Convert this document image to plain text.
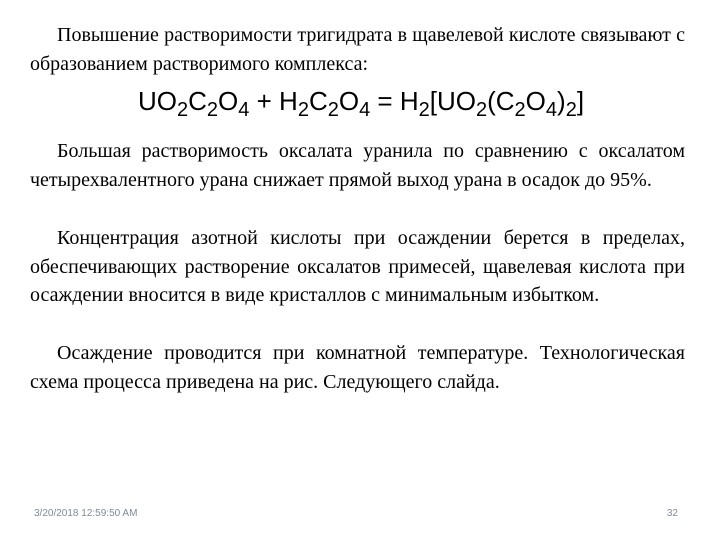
Повышение растворимости тригидрата в щавелевой кислоте связывают с образованием растворимого комплекса:

$UO_2C_2O_4 + H_2C_2O_4 = H_2[UO_2(C_2O_4)_2]$

Большая растворимость оксалата уранила по сравнению с оксалатом четырехвалентного урана снижает прямой выход урана в осадок до 95%.

Концентрация азотной кислоты при осаждении берется в пределах, обеспечивающих растворение оксалатов примесей, щавелевая кислота при осаждении вносится в виде кристаллов с минимальным избытком.

Осаждение проводится при комнатной температуре. Технологическая схема процесса приведена на рис. Следующего слайда.

3/20/2018 12:59:50 AM	32
